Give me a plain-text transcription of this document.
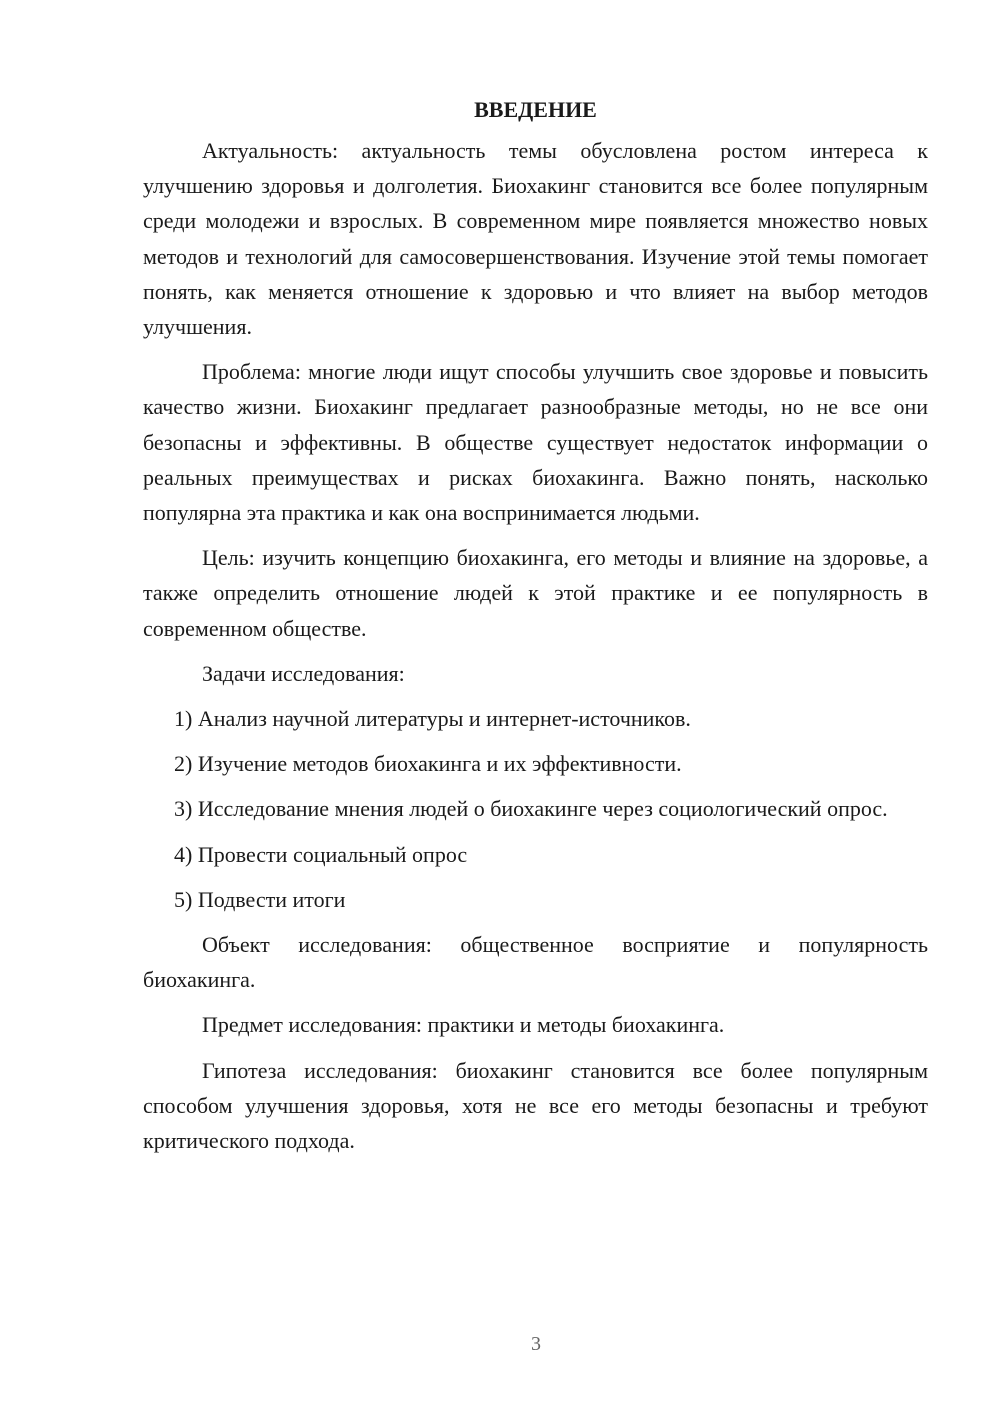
ВВЕДЕНИЕ

Актуальность: актуальность темы обусловлена ростом интереса к улучшению здоровья и долголетия. Биохакинг становится все более популярным среди молодежи и взрослых. В современном мире появляется множество новых методов и технологий для самосовершенствования. Изучение этой темы помогает понять, как меняется отношение к здоровью и что влияет на выбор методов улучшения.

Проблема: многие люди ищут способы улучшить свое здоровье и повысить качество жизни. Биохакинг предлагает разнообразные методы, но не все они безопасны и эффективны. В обществе существует недостаток информации о реальных преимуществах и рисках биохакинга. Важно понять, насколько популярна эта практика и как она воспринимается людьми.

Цель: изучить концепцию биохакинга, его методы и влияние на здоровье, а также определить отношение людей к этой практике и ее популярность в современном обществе.

Задачи исследования:

1) Анализ научной литературы и интернет-источников.

2) Изучение методов биохакинга и их эффективности.

3) Исследование мнения людей о биохакинге через социологический опрос.

4) Провести социальный опрос

5) Подвести итоги

Объект исследования: общественное восприятие и популярность биохакинга.

Предмет исследования: практики и методы биохакинга.

Гипотеза исследования: биохакинг становится все более популярным способом улучшения здоровья, хотя не все его методы безопасны и требуют критического подхода.

3
